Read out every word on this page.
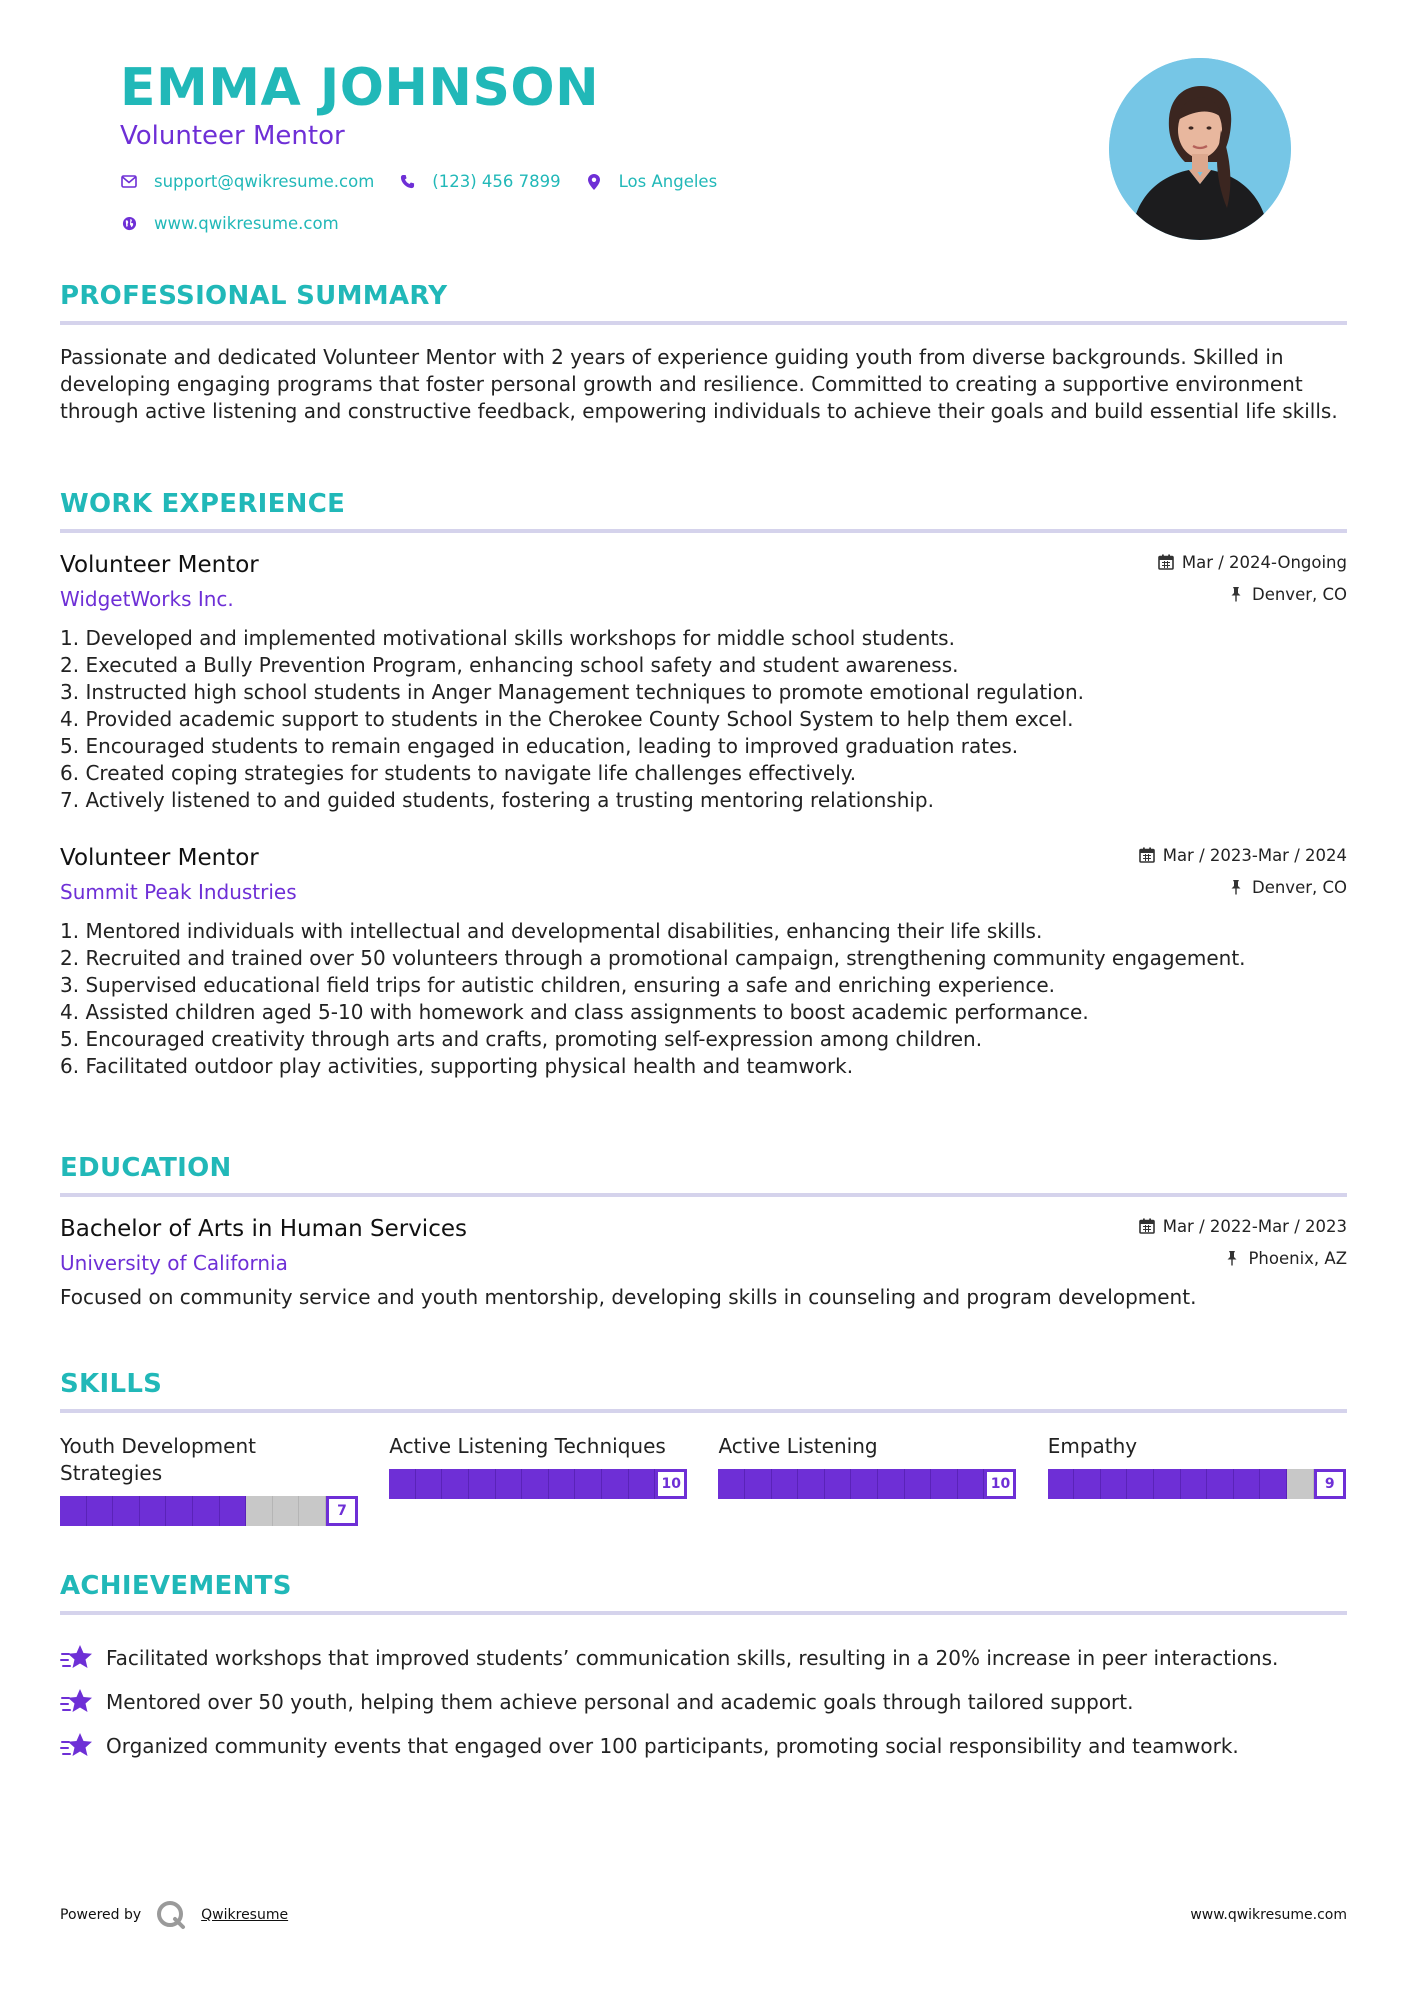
EMMA JOHNSON
Volunteer Mentor
support@qwikresume.com	(123) 456 7899	Los Angeles
www.qwikresume.com
PROFESSIONAL SUMMARY
Passionate and dedicated Volunteer Mentor with 2 years of experience guiding youth from diverse backgrounds. Skilled in developing engaging programs that foster personal growth and resilience. Committed to creating a supportive environment through active listening and constructive feedback, empowering individuals to achieve their goals and build essential life skills.
WORK EXPERIENCE
Volunteer Mentor
WidgetWorks Inc.
Mar / 2024-Ongoing
Denver, CO
1. Developed and implemented motivational skills workshops for middle school students.
2. Executed a Bully Prevention Program, enhancing school safety and student awareness.
3. Instructed high school students in Anger Management techniques to promote emotional regulation.
4. Provided academic support to students in the Cherokee County School System to help them excel.
5. Encouraged students to remain engaged in education, leading to improved graduation rates.
6. Created coping strategies for students to navigate life challenges effectively.
7. Actively listened to and guided students, fostering a trusting mentoring relationship.
Volunteer Mentor
Summit Peak Industries
Mar / 2023-Mar / 2024
Denver, CO
1. Mentored individuals with intellectual and developmental disabilities, enhancing their life skills.
2. Recruited and trained over 50 volunteers through a promotional campaign, strengthening community engagement.
3. Supervised educational field trips for autistic children, ensuring a safe and enriching experience.
4. Assisted children aged 5-10 with homework and class assignments to boost academic performance.
5. Encouraged creativity through arts and crafts, promoting self-expression among children.
6. Facilitated outdoor play activities, supporting physical health and teamwork.
EDUCATION
Bachelor of Arts in Human Services
University of California
Mar / 2022-Mar / 2023
Phoenix, AZ
Focused on community service and youth mentorship, developing skills in counseling and program development.
SKILLS
Youth Development Strategies
7
Active Listening Techniques
10
Active Listening
10
Empathy
9
ACHIEVEMENTS
Facilitated workshops that improved students’ communication skills, resulting in a 20% increase in peer interactions.
Mentored over 50 youth, helping them achieve personal and academic goals through tailored support.
Organized community events that engaged over 100 participants, promoting social responsibility and teamwork.
Powered by	Qwikresume	www.qwikresume.com
